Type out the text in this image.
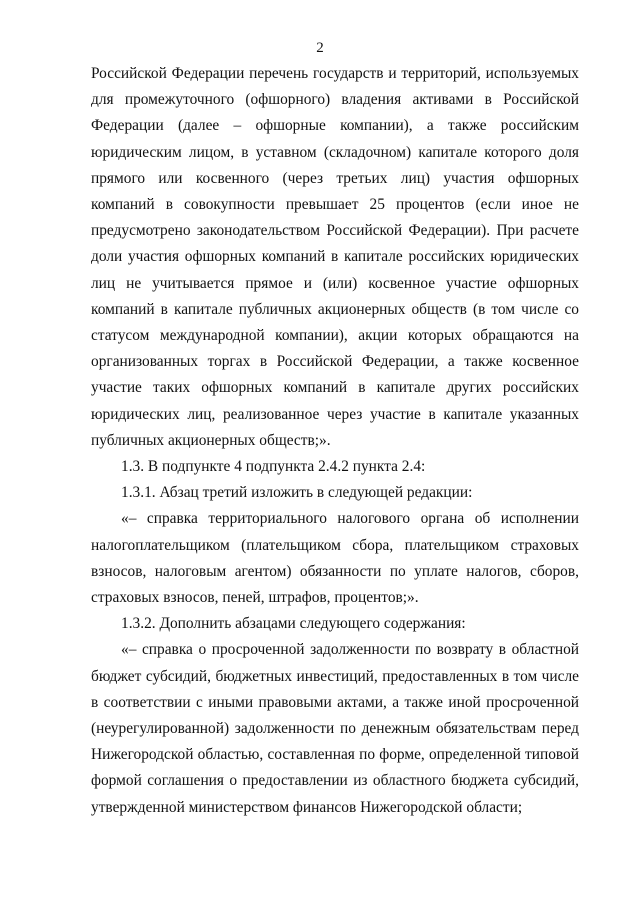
2

Российской Федерации перечень государств и территорий, используемых для промежуточного (офшорного) владения активами в Российской Федерации (далее – офшорные компании), а также российским юридическим лицом, в уставном (складочном) капитале которого доля прямого или косвенного (через третьих лиц) участия офшорных компаний в совокупности превышает 25 процентов (если иное не предусмотрено законодательством Российской Федерации). При расчете доли участия офшорных компаний в капитале российских юридических лиц не учитывается прямое и (или) косвенное участие офшорных компаний в капитале публичных акционерных обществ (в том числе со статусом международной компании), акции которых обращаются на организованных торгах в Российской Федерации, а также косвенное участие таких офшорных компаний в капитале других российских юридических лиц, реализованное через участие в капитале указанных публичных акционерных обществ;».

1.3. В подпункте 4 подпункта 2.4.2 пункта 2.4:

1.3.1. Абзац третий изложить в следующей редакции:

«– справка территориального налогового органа об исполнении налогоплательщиком (плательщиком сбора, плательщиком страховых взносов, налоговым агентом) обязанности по уплате налогов, сборов, страховых взносов, пеней, штрафов, процентов;».

1.3.2. Дополнить абзацами следующего содержания:

«– справка о просроченной задолженности по возврату в областной бюджет субсидий, бюджетных инвестиций, предоставленных в том числе в соответствии с иными правовыми актами, а также иной просроченной (неурегулированной) задолженности по денежным обязательствам перед Нижегородской областью, составленная по форме, определенной типовой формой соглашения о предоставлении из областного бюджета субсидий, утвержденной министерством финансов Нижегородской области;
